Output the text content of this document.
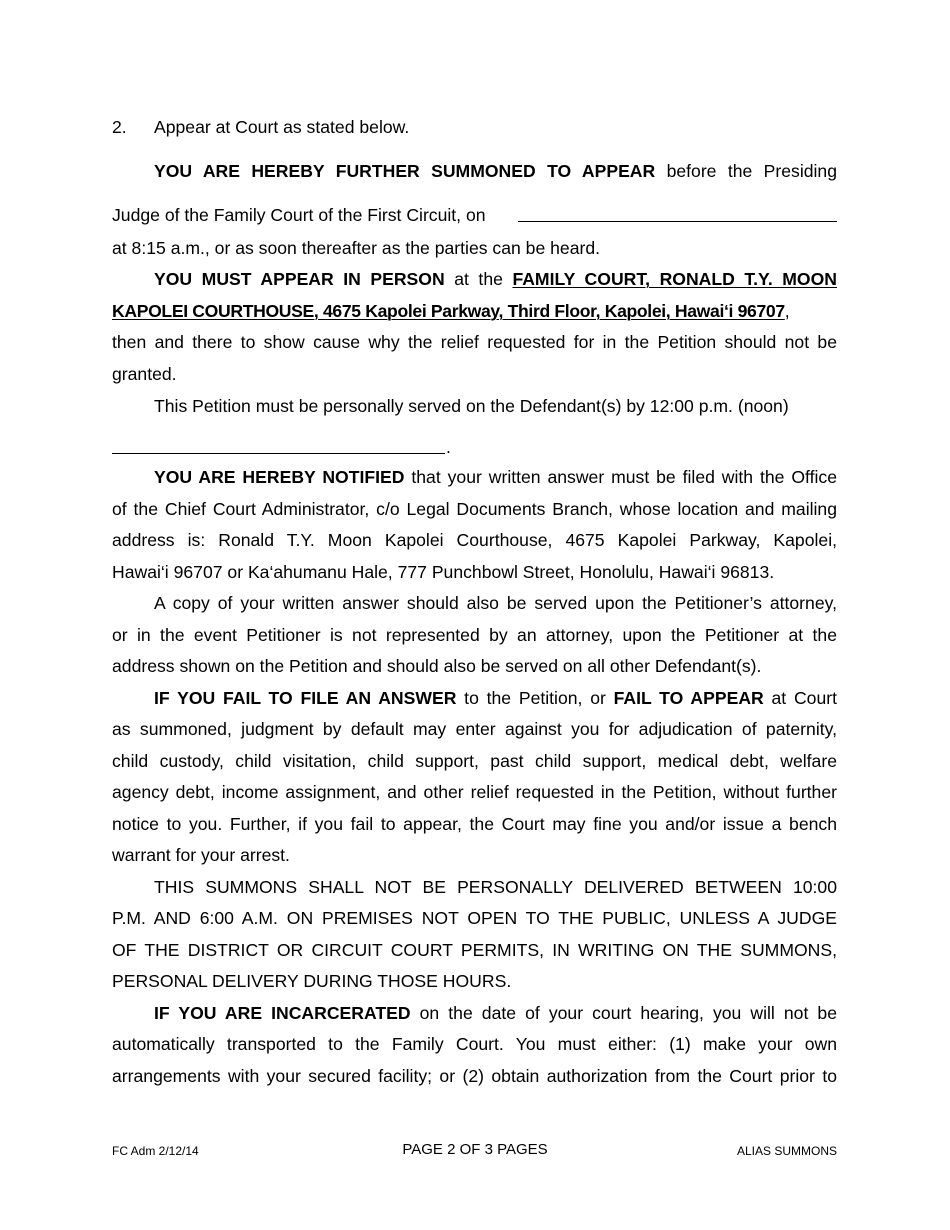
2. Appear at Court as stated below.
YOU ARE HEREBY FURTHER SUMMONED TO APPEAR before the Presiding
Judge of the Family Court of the First Circuit, on
at 8:15 a.m., or as soon thereafter as the parties can be heard.
YOU MUST APPEAR IN PERSON at the FAMILY COURT, RONALD T.Y. MOON
KAPOLEI COURTHOUSE, 4675 Kapolei Parkway, Third Floor, Kapolei, Hawai‘i 96707,
then and there to show cause why the relief requested for in the Petition should not be
granted.
This Petition must be personally served on the Defendant(s) by 12:00 p.m. (noon)
.
YOU ARE HEREBY NOTIFIED that your written answer must be filed with the Office
of the Chief Court Administrator, c/o Legal Documents Branch, whose location and mailing
address is: Ronald T.Y. Moon Kapolei Courthouse, 4675 Kapolei Parkway, Kapolei,
Hawai‘i 96707 or Ka‘ahumanu Hale, 777 Punchbowl Street, Honolulu, Hawai‘i 96813.
A copy of your written answer should also be served upon the Petitioner’s attorney,
or in the event Petitioner is not represented by an attorney, upon the Petitioner at the
address shown on the Petition and should also be served on all other Defendant(s).
IF YOU FAIL TO FILE AN ANSWER to the Petition, or FAIL TO APPEAR at Court
as summoned, judgment by default may enter against you for adjudication of paternity,
child custody, child visitation, child support, past child support, medical debt, welfare
agency debt, income assignment, and other relief requested in the Petition, without further
notice to you. Further, if you fail to appear, the Court may fine you and/or issue a bench
warrant for your arrest.
THIS SUMMONS SHALL NOT BE PERSONALLY DELIVERED BETWEEN 10:00
P.M. AND 6:00 A.M. ON PREMISES NOT OPEN TO THE PUBLIC, UNLESS A JUDGE
OF THE DISTRICT OR CIRCUIT COURT PERMITS, IN WRITING ON THE SUMMONS,
PERSONAL DELIVERY DURING THOSE HOURS.
IF YOU ARE INCARCERATED on the date of your court hearing, you will not be
automatically transported to the Family Court. You must either: (1) make your own
arrangements with your secured facility; or (2) obtain authorization from the Court prior to
FC Adm 2/12/14	PAGE 2 OF 3 PAGES	ALIAS SUMMONS
